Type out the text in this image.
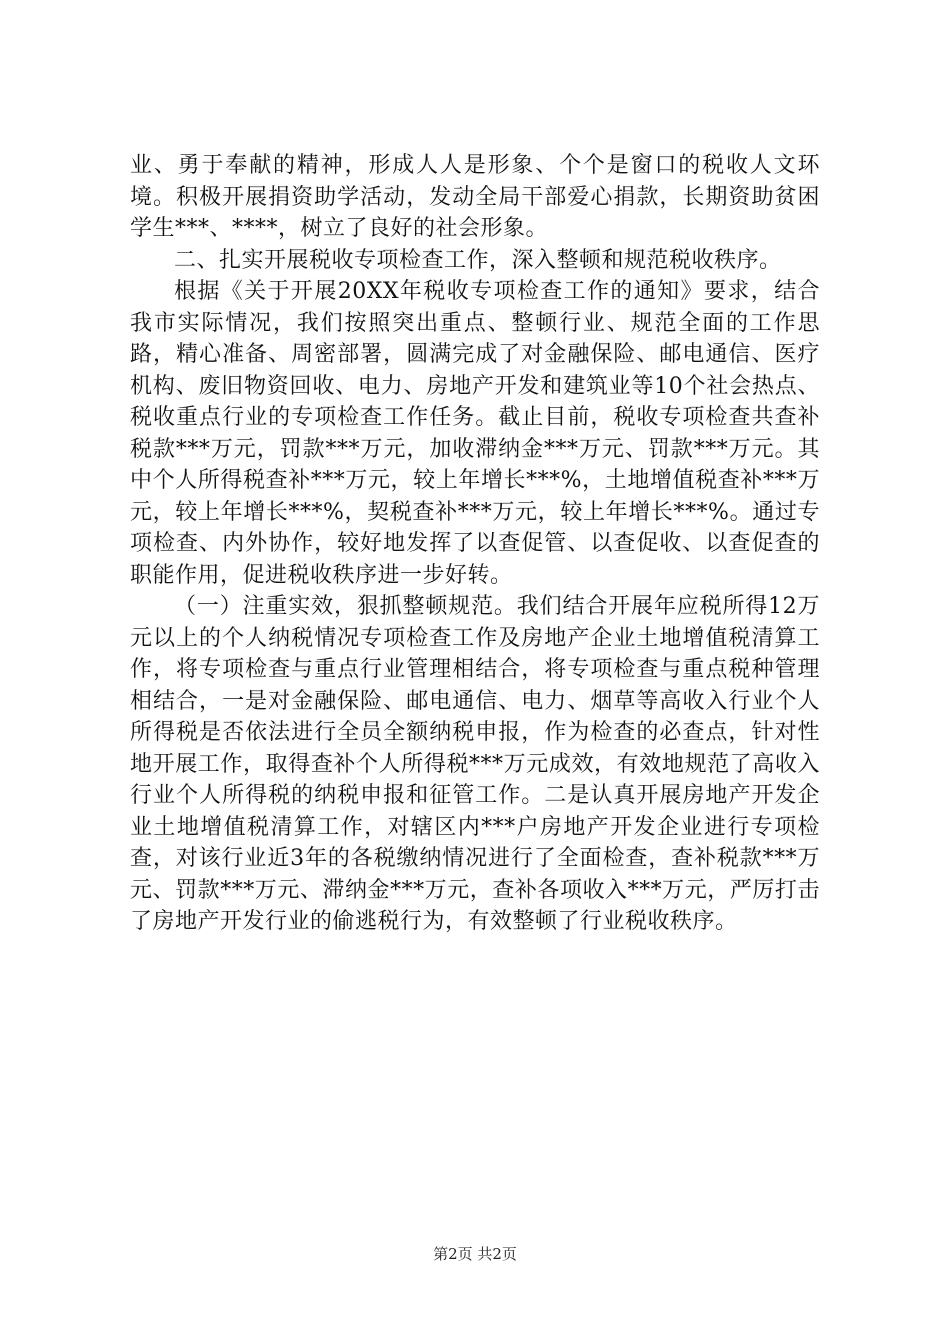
业、勇于奉献的精神，形成人人是形象、个个是窗口的税收人文环境。积极开展捐资助学活动，发动全局干部爱心捐款，长期资助贫困学生***、****，树立了良好的社会形象。

二、扎实开展税收专项检查工作，深入整顿和规范税收秩序。

根据《关于开展20XX年税收专项检查工作的通知》要求，结合我市实际情况，我们按照突出重点、整顿行业、规范全面的工作思路，精心准备、周密部署，圆满完成了对金融保险、邮电通信、医疗机构、废旧物资回收、电力、房地产开发和建筑业等10个社会热点、税收重点行业的专项检查工作任务。截止目前，税收专项检查共查补税款***万元，罚款***万元，加收滞纳金***万元、罚款***万元。其中个人所得税查补***万元，较上年增长***%，土地增值税查补***万元，较上年增长***%，契税查补***万元，较上年增长***%。通过专项检查、内外协作，较好地发挥了以查促管、以查促收、以查促查的职能作用，促进税收秩序进一步好转。

（一）注重实效，狠抓整顿规范。我们结合开展年应税所得12万元以上的个人纳税情况专项检查工作及房地产企业土地增值税清算工作，将专项检查与重点行业管理相结合，将专项检查与重点税种管理相结合，一是对金融保险、邮电通信、电力、烟草等高收入行业个人所得税是否依法进行全员全额纳税申报，作为检查的必查点，针对性地开展工作，取得查补个人所得税***万元成效，有效地规范了高收入行业个人所得税的纳税申报和征管工作。二是认真开展房地产开发企业土地增值税清算工作，对辖区内***户房地产开发企业进行专项检查，对该行业近3年的各税缴纳情况进行了全面检查，查补税款***万元、罚款***万元、滞纳金***万元，查补各项收入***万元，严厉打击了房地产开发行业的偷逃税行为，有效整顿了行业税收秩序。

第2页 共2页
